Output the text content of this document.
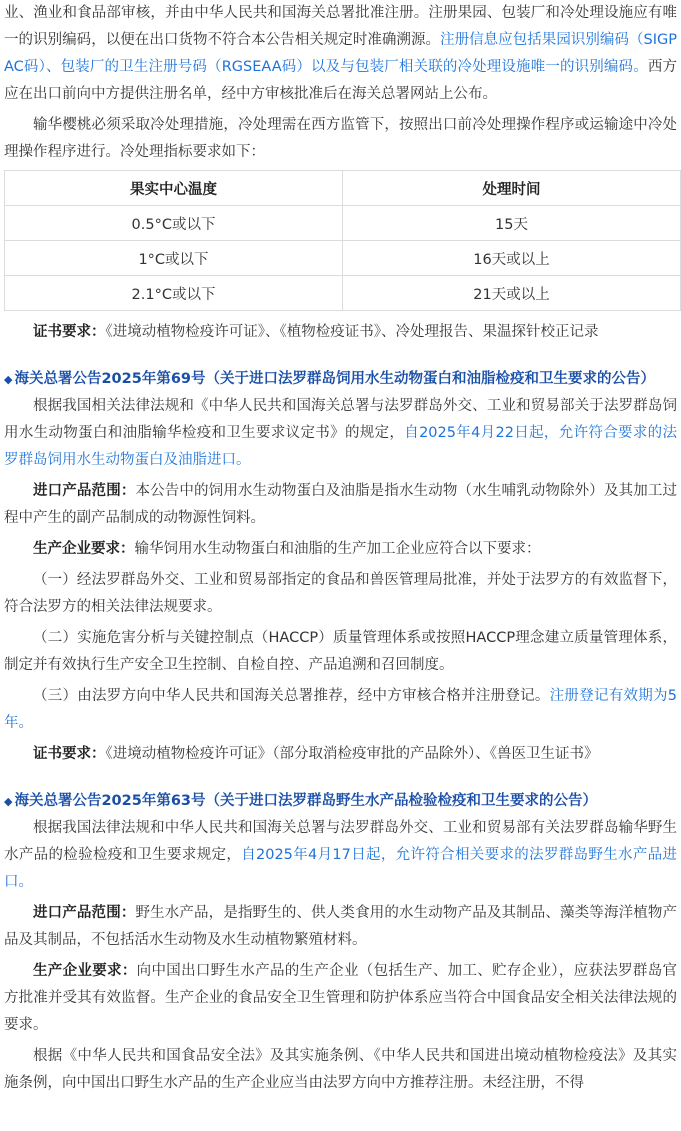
业、渔业和食品部审核，并由中华人民共和国海关总署批准注册。注册果园、包装厂和冷处理设施应有唯一的识别编码，以便在出口货物不符合本公告相关规定时准确溯源。注册信息应包括果园识别编码（SIGPAC码）、包装厂的卫生注册号码（RGSEAA码）以及与包装厂相关联的冷处理设施唯一的识别编码。西方应在出口前向中方提供注册名单，经中方审核批准后在海关总署网站上公布。

输华樱桃必须采取冷处理措施，冷处理需在西方监管下，按照出口前冷处理操作程序或运输途中冷处理操作程序进行。冷处理指标要求如下：

果实中心温度	处理时间
0.5°C或以下	15天
1°C或以下	16天或以上
2.1°C或以下	21天或以上

证书要求：《进境动植物检疫许可证》、《植物检疫证书》、冷处理报告、果温探针校正记录

◆ 海关总署公告2025年第69号（关于进口法罗群岛饲用水生动物蛋白和油脂检疫和卫生要求的公告）

根据我国相关法律法规和《中华人民共和国海关总署与法罗群岛外交、工业和贸易部关于法罗群岛饲用水生动物蛋白和油脂输华检疫和卫生要求议定书》的规定，自2025年4月22日起，允许符合要求的法罗群岛饲用水生动物蛋白及油脂进口。

进口产品范围：本公告中的饲用水生动物蛋白及油脂是指水生动物（水生哺乳动物除外）及其加工过程中产生的副产品制成的动物源性饲料。

生产企业要求：输华饲用水生动物蛋白和油脂的生产加工企业应符合以下要求：

（一）经法罗群岛外交、工业和贸易部指定的食品和兽医管理局批准，并处于法罗方的有效监督下，符合法罗方的相关法律法规要求。

（二）实施危害分析与关键控制点（HACCP）质量管理体系或按照HACCP理念建立质量管理体系，制定并有效执行生产安全卫生控制、自检自控、产品追溯和召回制度。

（三）由法罗方向中华人民共和国海关总署推荐，经中方审核合格并注册登记。注册登记有效期为5年。

证书要求：《进境动植物检疫许可证》（部分取消检疫审批的产品除外）、《兽医卫生证书》

◆ 海关总署公告2025年第63号（关于进口法罗群岛野生水产品检验检疫和卫生要求的公告）

根据我国法律法规和中华人民共和国海关总署与法罗群岛外交、工业和贸易部有关法罗群岛输华野生水产品的检验检疫和卫生要求规定，自2025年4月17日起，允许符合相关要求的法罗群岛野生水产品进口。

进口产品范围：野生水产品，是指野生的、供人类食用的水生动物产品及其制品、藻类等海洋植物产品及其制品，不包括活水生动物及水生动植物繁殖材料。

生产企业要求：向中国出口野生水产品的生产企业（包括生产、加工、贮存企业），应获法罗群岛官方批准并受其有效监督。生产企业的食品安全卫生管理和防护体系应当符合中国食品安全相关法律法规的要求。

根据《中华人民共和国食品安全法》及其实施条例、《中华人民共和国进出境动植物检疫法》及其实施条例，向中国出口野生水产品的生产企业应当由法罗方向中方推荐注册。未经注册，不得
